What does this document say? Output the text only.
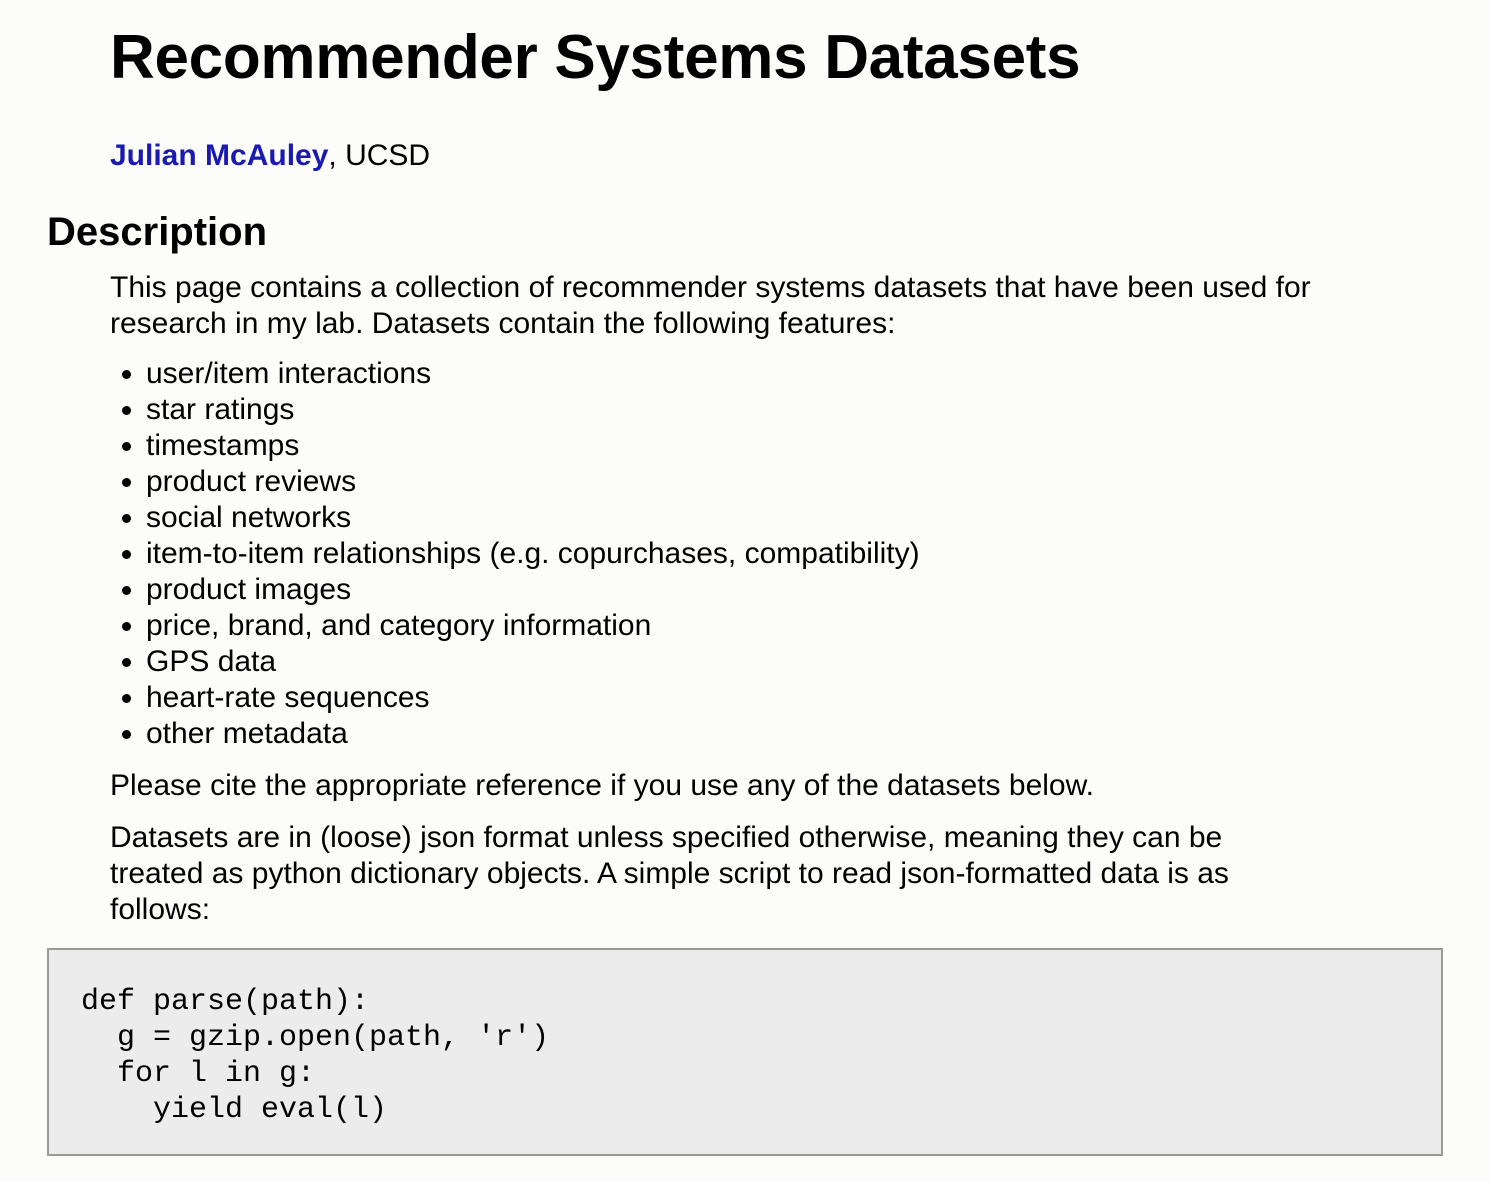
Recommender Systems Datasets

Julian McAuley, UCSD

Description

This page contains a collection of recommender systems datasets that have been used for research in my lab. Datasets contain the following features:

• user/item interactions
• star ratings
• timestamps
• product reviews
• social networks
• item-to-item relationships (e.g. copurchases, compatibility)
• product images
• price, brand, and category information
• GPS data
• heart-rate sequences
• other metadata

Please cite the appropriate reference if you use any of the datasets below.

Datasets are in (loose) json format unless specified otherwise, meaning they can be treated as python dictionary objects. A simple script to read json-formatted data is as follows:

def parse(path):
g = gzip.open(path, 'r')
for l in g:
yield eval(l)
